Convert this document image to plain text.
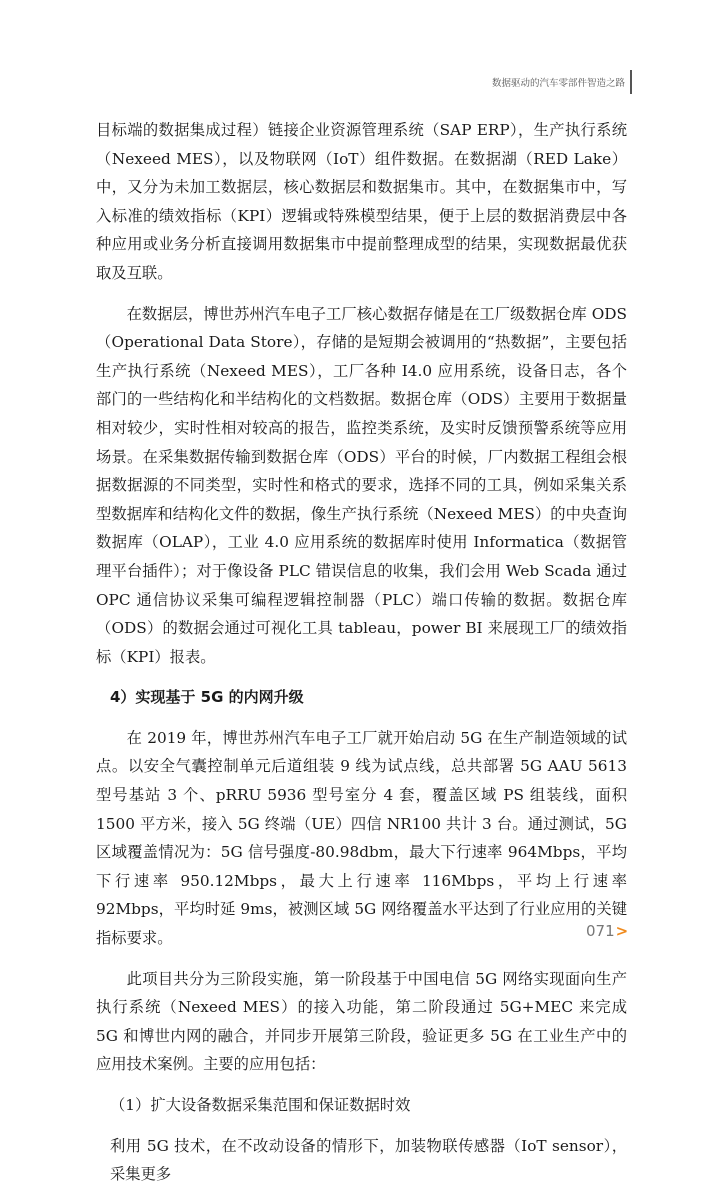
数据驱动的汽车零部件智造之路

目标端的数据集成过程）链接企业资源管理系统（SAP ERP），生产执行系统（Nexeed MES），以及物联网（IoT）组件数据。在数据湖（RED Lake）中，又分为未加工数据层，核心数据层和数据集市。其中，在数据集市中，写入标准的绩效指标（KPI）逻辑或特殊模型结果，便于上层的数据消费层中各种应用或业务分析直接调用数据集市中提前整理成型的结果，实现数据最优获取及互联。

在数据层，博世苏州汽车电子工厂核心数据存储是在工厂级数据仓库 ODS（Operational Data Store），存储的是短期会被调用的“热数据”，主要包括生产执行系统（Nexeed MES），工厂各种 I4.0 应用系统，设备日志，各个部门的一些结构化和半结构化的文档数据。数据仓库（ODS）主要用于数据量相对较少，实时性相对较高的报告，监控类系统，及实时反馈预警系统等应用场景。在采集数据传输到数据仓库（ODS）平台的时候，厂内数据工程组会根据数据源的不同类型，实时性和格式的要求，选择不同的工具，例如采集关系型数据库和结构化文件的数据，像生产执行系统（Nexeed MES）的中央查询数据库（OLAP），工业 4.0 应用系统的数据库时使用 Informatica（数据管理平台插件）；对于像设备 PLC 错误信息的收集，我们会用 Web Scada 通过 OPC 通信协议采集可编程逻辑控制器（PLC）端口传输的数据。数据仓库（ODS）的数据会通过可视化工具 tableau，power BI 来展现工厂的绩效指标（KPI）报表。

4）实现基于 5G 的内网升级

在 2019 年，博世苏州汽车电子工厂就开始启动 5G 在生产制造领域的试点。以安全气囊控制单元后道组装 9 线为试点线，总共部署 5G AAU 5613 型号基站 3 个、pRRU 5936 型号室分 4 套，覆盖区域 PS 组装线，面积 1500 平方米，接入 5G 终端（UE）四信 NR100 共计 3 台。通过测试，5G 区域覆盖情况为：5G 信号强度-80.98dbm，最大下行速率 964Mbps，平均下行速率 950.12Mbps，最大上行速率 116Mbps，平均上行速率 92Mbps，平均时延 9ms，被测区域 5G 网络覆盖水平达到了行业应用的关键指标要求。

此项目共分为三阶段实施，第一阶段基于中国电信 5G 网络实现面向生产执行系统（Nexeed MES）的接入功能，第二阶段通过 5G+MEC 来完成 5G 和博世内网的融合，并同步开展第三阶段，验证更多 5G 在工业生产中的应用技术案例。主要的应用包括：

（1）扩大设备数据采集范围和保证数据时效

利用 5G 技术，在不改动设备的情形下，加装物联传感器（IoT sensor），采集更多

071>
